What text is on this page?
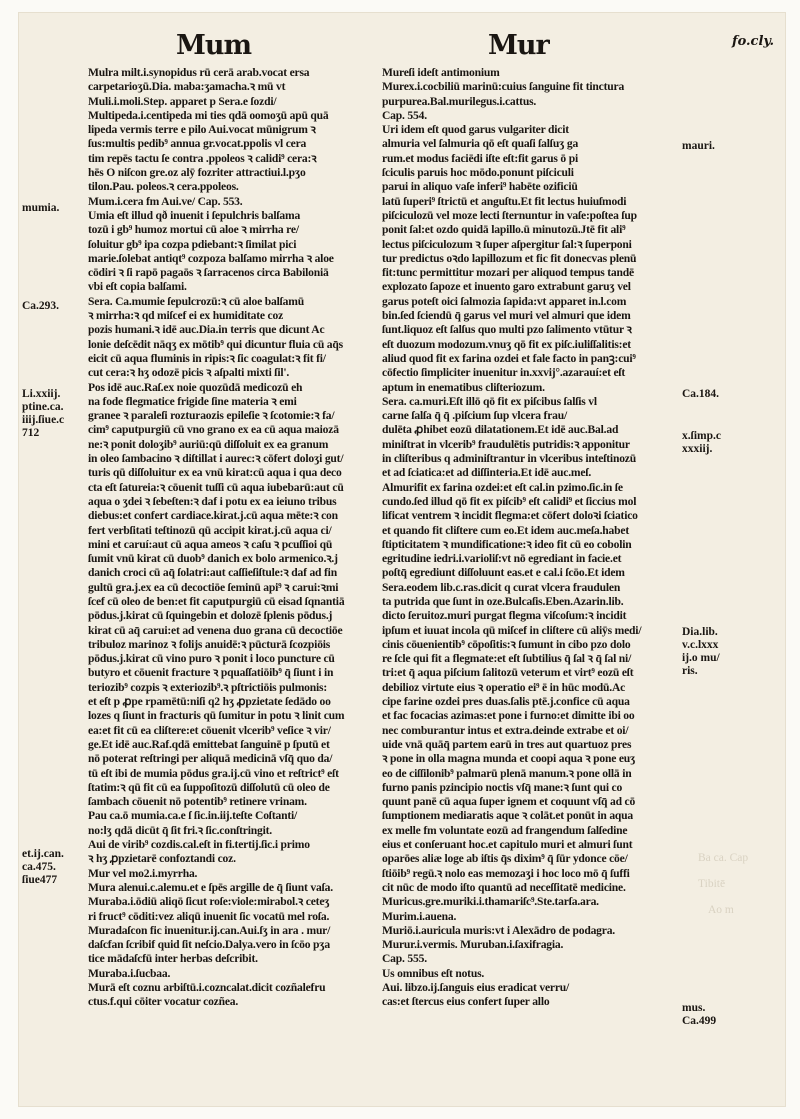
Mum	Mur	fo.cly.
mumia.
Ca.293.
Li.xxiij.
ptine.ca.
iiij.ſiue.c
712
et.ij.can.
ca.475.
ſiue477
mauri.
Ca.184.
x.ſimp.c
xxxiij.
Dia.lib.
v.c.lxxx
ij.o mu/
ris.
mus.
Ca.499
Ba ca. Cap
Tibitē
Ao m
Mulra milt.i.synopidus rū cerā arab.vocat ersa
carpetarioʒū.Dia. maba:ʒamacha.ꝛ mū vt
Muli.i.moli.Step. apparet p Sera.e ſozdi/
Multipeda.i.centipeda mi ties qdā oomoʒū apū quā
lipeda vermis terre e pilo Aui.vocat mūnigrum ꝛ
ſus:multis pedib⁹ annua gr.vocat.ppolis vl cera
tim repēs tactu ſe contra .ppoleos ꝛ calidi⁹ cera:ꝛ
hēs O niſcon gre.oz alȳ fozriter attractiui.l.pʒo
tilon.Pau. poleos.ꝛ cera.ppoleos.
Mum.i.cera fm Aui.ve/ Cap. 553.
Umia eſt illud qð inuenit i ſepulchris balſama
tozū i gb⁹ humoz mortui cū aloe ꝛ mirrha re/
ſoluitur gb⁹ ipa cozpa pdiebant:ꝛ ſimilat pici
marie.ſolebat antiqt⁹ cozpoza balſamo mirrha ꝛ aloe
cōdiri ꝛ ſi rapō pagaōs ꝛ ſarracenos circa Babiloniā
vbi eſt copia balſami.
Sera. Ca.mumie ſepulcrozū:ꝛ cū aloe balſamū
ꝛ mirrha:ꝛ qd miſcef ei ex humiditate coz
pozis humani.ꝛ idē auc.Dia.in terris que dicunt Ac
lonie deſcēdit nāqʒ ex mōtib⁹ qui dicuntur fluia cū aq̄s
eicit cū aqua fluminis in ripis:ꝛ ſic coagulat:ꝛ fit fi/
cut cera:ꝛ hʒ odozē picis ꝛ aſpalti mixti ſil'.
Pos idē auc.Raſ.ex noie quozūdā medicozū eh
na fode flegmatice frigide ſine materia ꝛ emi
granee ꝛ paraleſi rozturaozis epileſie ꝛ ſcotomie:ꝛ fa/
cim⁹ caputpurgiū cū vno grano ex ea cū aqua maiozā
ne:ꝛ ponit doloʒib⁹ auriū:qū diſſoluit ex ea granum
in oleo ſambacino ꝛ diſtillat i aurec:ꝛ cōfert doloʒi gut/
turis qū diſſoluitur ex ea vnū kirat:cū aqua i qua deco
cta eſt ſatureia:ꝛ cōuenit tuſſi cū aqua iubebarū:aut cū
aqua o ʒdei ꝛ ſebeſten:ꝛ daf i potu ex ea ieiuno tribus
diebus:et confert cardiace.kirat.j.cū aqua mēte:ꝛ con
fert verbſitati teſtinozū qū accipit kirat.j.cū aqua ci/
mini et caruí:aut cū aqua ameos ꝛ caſu ꝛ pcuſſioi qū
ſumit vnū kirat cū duob⁹ danich ex bolo armenico.ꝛ.j
danich croci cū aq̄ ſolatri:aut caſſieſiſtule:ꝛ daf ad fin
gultū gra.j.ex ea cū decoctiōe ſeminū api⁹ ꝛ carui:ꝛmi
ſcef cū oleo de ben:et fit caputpurgiū cū eisad ſqnantiā
pōdus.j.kirat cū ſquingebin et dolozē ſplenis pōdus.j
kirat cū aq̄ carui:et ad venena duo grana cū decoctiōe
tribuloz marinoz ꝛ folijs anuidē:ꝛ pūcturā ſcozpiōis
pōdus.j.kirat cū vino puro ꝛ ponit i loco puncture cū
butyro et cōuenit fracture ꝛ pquaſſatiōib⁹ q̄ ſiunt i in
teriozib⁹ cozpis ꝛ exteriozib⁹.ꝛ pſtrictiōis pulmonis:
et eſt p ꝓpe rpamētū:niſi q2 hʒ ꝓpzietate ſedādo oo
lozes q ſiunt in fracturis qū ſumitur in potu ꝛ linit cum
ea:et fit cū ea cliſtere:et cōuenit vlcerib⁹ veſice ꝛ vir/
ge.Et idē auc.Raf.qdā emittebat ſanguinē p ſputū et
nō poterat reſtringi per aliquā medicinā vſq̄ quo da/
tū eſt ibi de mumia pōdus gra.ij.cū vino et reſtrict⁹ eſt
ſtatim:ꝛ qū fit cū ea ſuppoſitozū diſſolutū cū oleo de
ſambach cōuenit nō potentib⁹ retinere vrinam.
Pau ca.ō mumia.ca.e ſ ſic.in.iij.teſte Coſtanti/
no:lʒ qdā dicūt q̄ ſit fri.ꝛ ſic.conſtringit.
Aui de virib⁹ cozdis.cal.eſt in fi.tertij.ſic.i primo
ꝛ hʒ ꝓpzietarē confoztandi coz.
Mur vel mo2.i.myrrha.
Mura alenui.c.alemu.et e ſpēs argille de q̄ ſiunt vaſa.
Muraba.i.ōdiū aliqō ſicut roſe:viole:mirabol.ꝛ ceteʒ
ri fruct⁹ cōditi:vez aliqū inuenit ſic vocatū mel roſa.
Muradaſcon fic inuenitur.ij.can.Aui.ſʒ in ara . mur/
daſcfan ſcribif quid ſit neſcio.Dalya.vero in ſcōo pʒa
tice mādaſcfū inter herbas deſcribit.
Muraba.i.ſucbaa.
Murā eſt coznu arbiſtū.i.cozncalat.dicit cozñalefru
ctus.f.qui cōiter vocatur cozñea.
Mureſi ideſt antimonium
Murex.i.cocbiliū marinū:cuius ſanguine fit tinctura
purpurea.Bal.murilegus.i.cattus.
Cap. 554.
Uri idem eſt quod garus vulgariter dicit
almuria vel ſalmuria qō eſt quaſi ſalſuʒ ga
rum.et modus faciēdi iſte eſt:fit garus ō pi
ſciculis paruis hoc mōdo.ponunt piſciculi
parui in aliquo vaſe inferi⁹ habēte ozificiū
latū ſuperi⁹ ſtrictū et anguſtu.Et fit lectus huiuſmodi
piſciculozū vel moze lecti ſternuntur in vaſe:poſtea ſup
ponit ſal:et ozdo quidā lapillo.ū minutozū.Jtē fit ali⁹
lectus piſciculozum ꝛ ſuper aſpergitur ſal:ꝛ ſuperponi
tur predictus oꝛdo lapillozum et fic fit donecvas plenū
fit:tunc permittitur mozari per aliquod tempus tandē
explozato ſapoze et inuento garo extrabunt garuʒ vel
garus poteſt oici ſalmozia ſapida:vt apparet in.l.com
bin.ſed ſciendū q̄ garus vel muri vel almuri que idem
ſunt.liquoz eſt ſalſus quo multi pzo ſalimento vtūtur ꝛ
eſt duozum modozum.vnuʒ qō fit ex piſc.iuliſſalitis:et
aliud quod fit ex farina ozdei et fale facto in panꝫ:cui⁹
cōfectio ſimpliciter inuenitur in.xxvij°.azarauí:et eſt
aptum in enematibus cliſteriozum.
Sera. ca.muri.Eſt illō qō fit ex piſcibus ſalſis vl
carne ſalſa q̄ q̄ .piſcium ſup vlcera frau/
dulēta ꝓhibet eozū dilatationem.Et idē auc.Bal.ad
miniſtrat in vlcerib⁹ fraudulētis putridis:ꝛ apponitur
in cliſteribus q adminiſtrantur in vlceribus inteſtinozū
et ad ſciatica:et ad diſſinteria.Et idē auc.meſ.
Almurifit ex farina ozdei:et eſt cal.in pzimo.ſic.in ſe
cundo.ſed illud qō fit ex piſcib⁹ eſt calidi⁹ et ſiccius mol
lificat ventrem ꝛ incidit flegma:et cōfert doloꝛi ſciatico
et quando fit cliſtere cum eo.Et idem auc.meſa.habet
ſtipticitatem ꝛ mundificatione:ꝛ ideo fit cū eo cobolin
egritudine iedri.i.varioliſ:vt nō egrediant in facie.et
poſtq̄ egrediunt diſſoluunt eas.et e cal.i ſcōo.Et idem
Sera.eodem lib.c.ras.dicit q curat vlcera fraudulen
ta putrida que ſunt in oze.Bulcaſis.Eben.Azarin.lib.
dicto ſeruitoz.muri purgat flegma viſcoſum:ꝛ incidit
ipſum et iuuat incola qū miſcef in cliſtere cū aliȳs medi/
cinis cōuenientib⁹ cōpoſitis:ꝛ ſumunt in cibo pzo dolo
re ſcle qui fit a flegmate:et eſt ſubtilius q̄ ſal ꝛ q̄ ſal ni/
tri:et q̄ aqua piſcium ſalitozū veterum et virt⁹ eozū eſt
debilioz virtute eius ꝛ operatio ei⁹ ē in hūc modū.Ac
cipe farine ozdei pres duas.ſalis ptē.j.confice cū aqua
et fac focacias azimas:et pone i furno:et dimitte ibi oo
nec comburantur intus et extra.deinde extrabe et oi/
uide vnā quāq̄ partem earū in tres aut quartuoz pres
ꝛ pone in olla magna munda et coopi aqua ꝛ pone euʒ
eo de ciſſilonib⁹ palmarū plenā manum.ꝛ pone ollā in
furno panis pzincipio noctis vſq̄ mane:ꝛ ſunt qui co
quunt panē cū aqua ſuper ignem et coquunt vſq̄ ad cō
ſumptionem mediaratis aque ꝛ colāt.et ponūt in aqua
ex melle fm voluntate eozū ad frangendum ſalſedine
eius et conſeruant hoc.et capitulo muri et almuri ſunt
oparōes aliæ loge ab iſtis q̄s dixim⁹ q̄ ſūr ydonce cōe/
ſtiōib⁹ regū.ꝛ nolo eas memozaʒi i hoc loco mō q̄ ſuffi
cit nūc de modo iſto quantū ad neceſſitatē medicine.
Muricus.gre.muriki.i.thamariſc⁹.Ste.tarſa.ara.
Murim.i.auena.
Muriō.i.auricula muris:vt i Alexādro de podagra.
Murur.i.vermis. Muruban.i.ſaxifragia.
Cap. 555.
Us omnibus eſt notus.
Aui. libzo.ij.ſanguis eius eradicat verru/
cas:et ſtercus eius confert ſuper allo
